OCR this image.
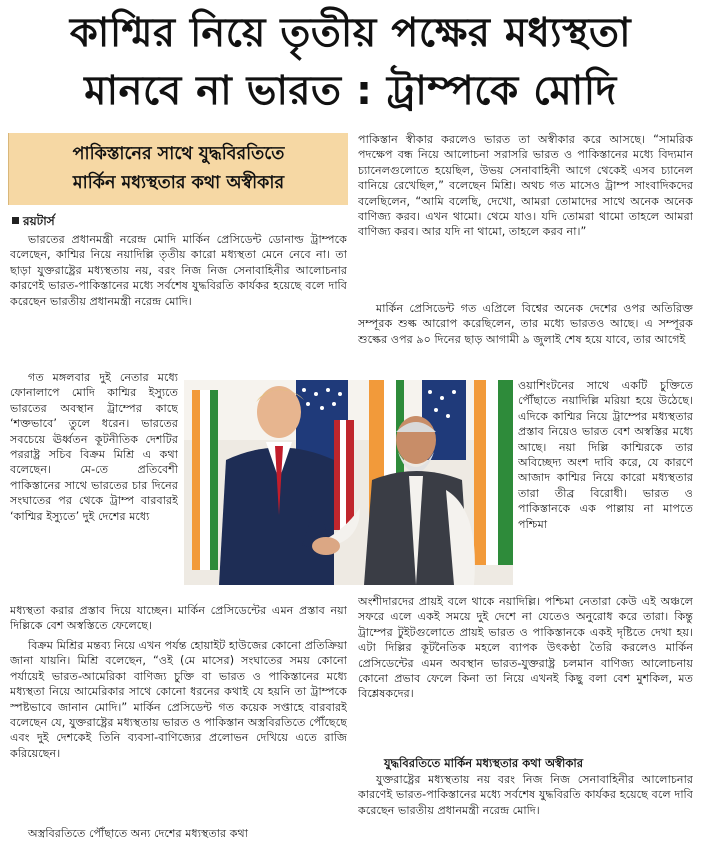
কাশ্মির নিয়ে তৃতীয় পক্ষের মধ্যস্থতা
মানবে না ভারত : ট্রাম্পকে মোদি
পাকিস্তানের সাথে যুদ্ধবিরতিতে
মার্কিন মধ্যস্থতার কথা অস্বীকার
রয়টার্স
ভারতের প্রধানমন্ত্রী নরেন্দ্র মোদি মার্কিন প্রেসিডেন্ট ডোনাল্ড ট্রাম্পকে বলেছেন, কাশ্মির নিয়ে নয়াদিল্লি তৃতীয় কারো মধ্যস্থতা মেনে নেবে না। তা ছাড়া যুক্তরাষ্ট্রের মধ্যস্থতায় নয়, বরং নিজ নিজ সেনাবাহিনীর আলোচনার কারণেই ভারত-পাকিস্তানের মধ্যে সর্বশেষ যুদ্ধবিরতি কার্যকর হয়েছে বলে দাবি করেছেন ভারতীয় প্রধানমন্ত্রী নরেন্দ্র মোদি।
গত মঙ্গলবার দুই নেতার মধ্যে ফোনালাপে মোদি কাশ্মির ইস্যুতে ভারতের অবস্থান ট্রাম্পের কাছে ‘শক্তভাবে’ তুলে ধরেন। ভারতের সবচেয়ে ঊর্ধ্বতন কূটনীতিক দেশটির পররাষ্ট্র সচিব বিক্রম মিশ্রি এ কথা বলেছেন। মে-তে প্রতিবেশী পাকিস্তানের সাথে ভারতের চার দিনের সংঘাতের পর থেকে ট্রাম্প বারবারই ‘কাশ্মির ইস্যুতে’ দুই দেশের মধ্যে
মধ্যস্থতা করার প্রস্তাব দিয়ে যাচ্ছেন। মার্কিন প্রেসিডেন্টের এমন প্রস্তাব নয়া দিল্লিকে বেশ অস্বস্তিতে ফেলেছে।
বিক্রম মিশ্রির মন্তব্য নিয়ে এখন পর্যন্ত হোয়াইট হাউজের কোনো প্রতিক্রিয়া জানা যায়নি। মিশ্রি বলেছেন, “ওই (মে মাসের) সংঘাতের সময় কোনো পর্যায়েই ভারত-আমেরিকা বাণিজ্য চুক্তি বা ভারত ও পাকিস্তানের মধ্যে মধ্যস্থতা নিয়ে আমেরিকার সাথে কোনো ধরনের কথাই যে হয়নি তা ট্রাম্পকে স্পষ্টভাবে জানান মোদি।” মার্কিন প্রেসিডেন্ট গত কয়েক সপ্তাহে বারবারই বলেছেন যে, যুক্তরাষ্ট্রের মধ্যস্থতায় ভারত ও পাকিস্তান অস্ত্রবিরতিতে পৌঁছেছে এবং দুই দেশকেই তিনি ব্যবসা-বাণিজ্যের প্রলোভন দেখিয়ে এতে রাজি করিয়েছেন।
অস্ত্রবিরতিতে পৌঁছাতে অন্য দেশের মধ্যস্থতার কথা
পাকিস্তান স্বীকার করলেও ভারত তা অস্বীকার করে আসছে। “সামরিক পদক্ষেপ বন্ধ নিয়ে আলোচনা সরাসরি ভারত ও পাকিস্তানের মধ্যে বিদ্যমান চ্যানেলগুলোতে হয়েছিল, উভয় সেনাবাহিনী আগে থেকেই এসব চ্যানেল বানিয়ে রেখেছিল,” বলেছেন মিশ্রি। অথচ গত মাসেও ট্রাম্প সাংবাদিকদের বলেছিলেন, “আমি বলেছি, দেখো, আমরা তোমাদের সাথে অনেক অনেক বাণিজ্য করব। এখন থামো। থেমে যাও। যদি তোমরা থামো তাহলে আমরা বাণিজ্য করব। আর যদি না থামো, তাহলে করব না।”
মার্কিন প্রেসিডেন্ট গত এপ্রিলে বিশ্বের অনেক দেশের ওপর অতিরিক্ত সম্পূরক শুল্ক আরোপ করেছিলেন, তার মধ্যে ভারতও আছে। এ সম্পূরক শুল্কের ওপর ৯০ দিনের ছাড় আগামী ৯ জুলাই শেষ হয়ে যাবে, তার আগেই
ওয়াশিংটনের সাথে একটি চুক্তিতে পৌঁছাতে নয়াদিল্লি মরিয়া হয়ে উঠেছে। এদিকে কাশ্মির নিয়ে ট্রাম্পের মধ্যস্থতার প্রস্তাব নিয়েও ভারত বেশ অস্বস্তির মধ্যে আছে। নয়া দিল্লি কাশ্মিরকে তার অবিচ্ছেদ্য অংশ দাবি করে, যে কারণে আজাদ কাশ্মির নিয়ে কারো মধ্যস্থতার তারা তীব্র বিরোধী। ভারত ও পাকিস্তানকে এক পাল্লায় না মাপতে পশ্চিমা
অংশীদারদের প্রায়ই বলে থাকে নয়াদিল্লি। পশ্চিমা নেতারা কেউ এই অঞ্চলে সফরে এলে একই সময়ে দুই দেশে না যেতেও অনুরোধ করে তারা। কিন্তু ট্রাম্পের টুইটগুলোতে প্রায়ই ভারত ও পাকিস্তানকে একই দৃষ্টিতে দেখা হয়। এটা দিল্লির কূটনৈতিক মহলে ব্যাপক উৎকণ্ঠা তৈরি করলেও মার্কিন প্রেসিডেন্টের এমন অবস্থান ভারত-যুক্তরাষ্ট্র চলমান বাণিজ্য আলোচনায় কোনো প্রভাব ফেলে কিনা তা নিয়ে এখনই কিছু বলা বেশ মুশকিল, মত বিশ্লেষকদের।
যুদ্ধবিরতিতে মার্কিন মধ্যস্থতার কথা অস্বীকার
যুক্তরাষ্ট্রের মধ্যস্থতায় নয় বরং নিজ নিজ সেনাবাহিনীর আলোচনার কারণেই ভারত-পাকিস্তানের মধ্যে সর্বশেষ যুদ্ধবিরতি কার্যকর হয়েছে বলে দাবি করেছেন ভারতীয় প্রধানমন্ত্রী নরেন্দ্র মোদি।
